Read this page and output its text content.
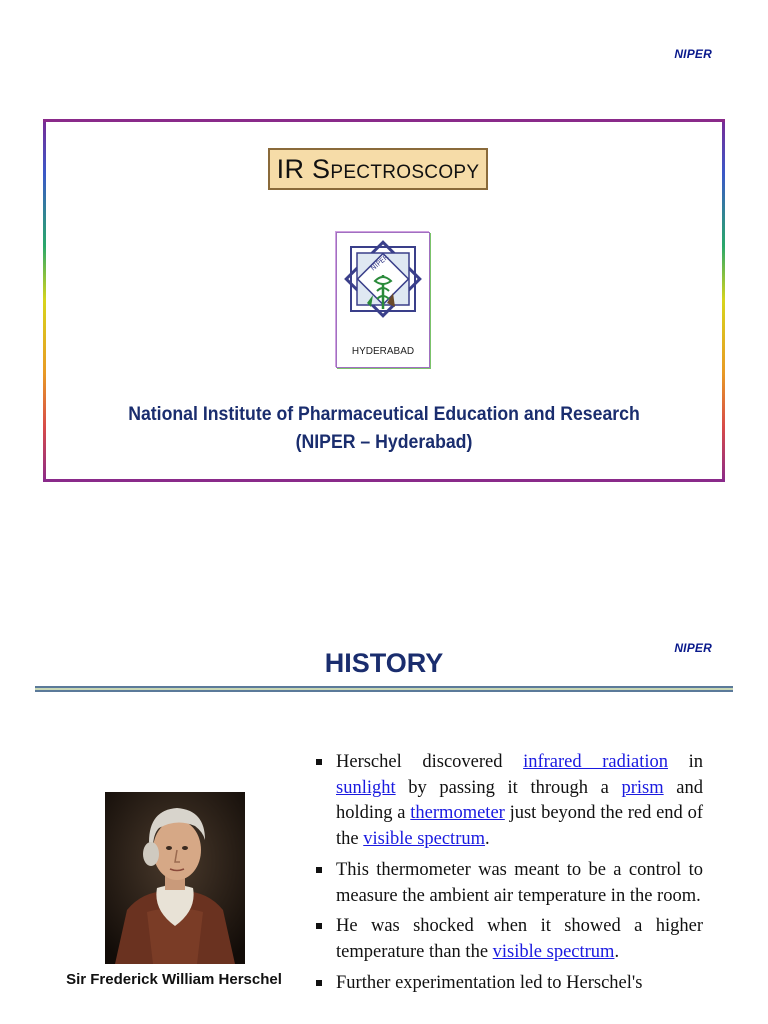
NIPER
IR Spectroscopy
NIPER
HYDERABAD
National Institute of Pharmaceutical Education and Research
(NIPER – Hyderabad)
NIPER
HISTORY
Sir Frederick William Herschel
Herschel discovered infrared radiation in sunlight by passing it through a prism and holding a thermometer just beyond the red end of the visible spectrum.
This thermometer was meant to be a control to measure the ambient air temperature in the room.
He was shocked when it showed a higher temperature than the visible spectrum.
Further experimentation led to Herschel's
